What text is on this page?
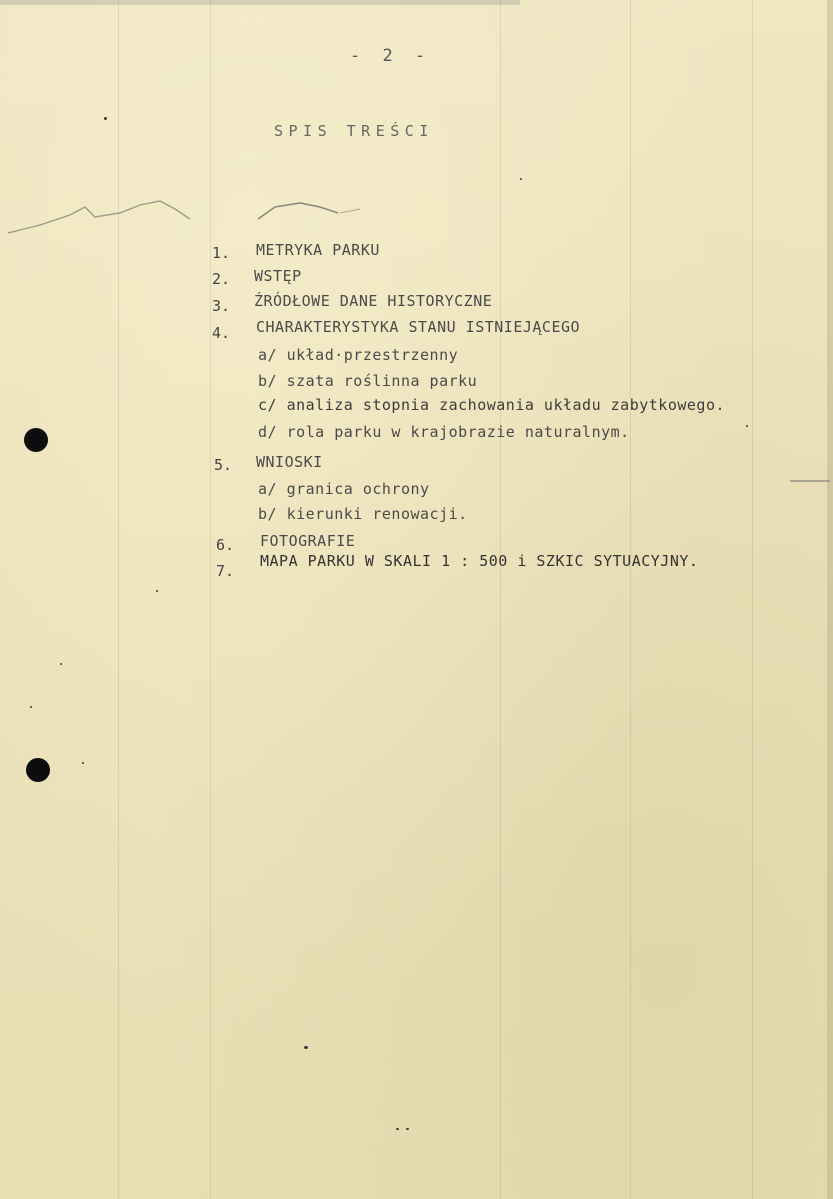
- 2 -
SPIS TREŚCI
1. METRYKA PARKU
2. WSTĘP
3. ŹRÓDŁOWE DANE HISTORYCZNE
4. CHARAKTERYSTYKA STANU ISTNIEJĄCEGO
a/ układ·przestrzenny
b/ szata roślinna parku
c/ analiza stopnia zachowania układu zabytkowego.
d/ rola parku w krajobrazie naturalnym.
5. WNIOSKI
a/ granica ochrony
b/ kierunki renowacji.
6. FOTOGRAFIE
7.
MAPA PARKU W SKALI 1 : 500 i SZKIC SYTUACYJNY.
